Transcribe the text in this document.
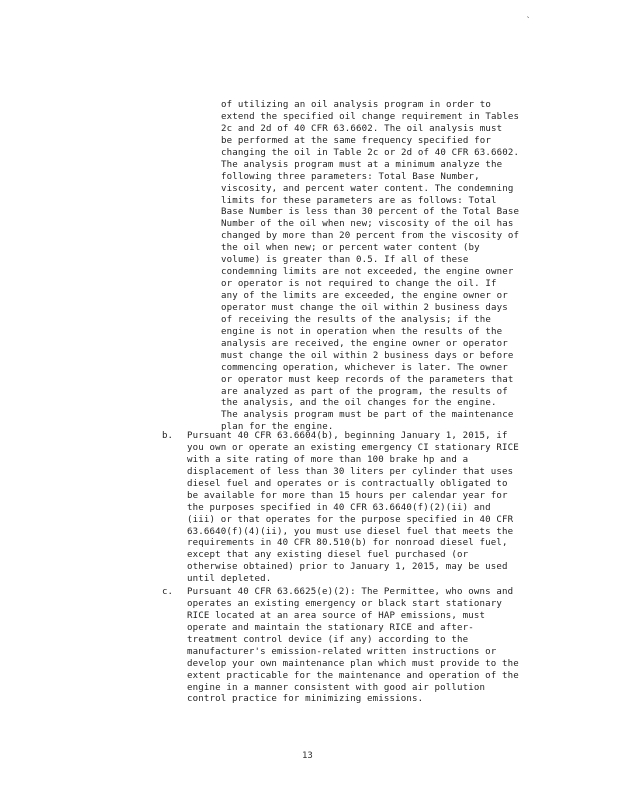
`
of utilizing an oil analysis program in order to
extend the specified oil change requirement in Tables
2c and 2d of 40 CFR 63.6602. The oil analysis must
be performed at the same frequency specified for
changing the oil in Table 2c or 2d of 40 CFR 63.6602.
The analysis program must at a minimum analyze the
following three parameters: Total Base Number,
viscosity, and percent water content. The condemning
limits for these parameters are as follows: Total
Base Number is less than 30 percent of the Total Base
Number of the oil when new; viscosity of the oil has
changed by more than 20 percent from the viscosity of
the oil when new; or percent water content (by
volume) is greater than 0.5. If all of these
condemning limits are not exceeded, the engine owner
or operator is not required to change the oil. If
any of the limits are exceeded, the engine owner or
operator must change the oil within 2 business days
of receiving the results of the analysis; if the
engine is not in operation when the results of the
analysis are received, the engine owner or operator
must change the oil within 2 business days or before
commencing operation, whichever is later. The owner
or operator must keep records of the parameters that
are analyzed as part of the program, the results of
the analysis, and the oil changes for the engine.
The analysis program must be part of the maintenance
plan for the engine.
b. Pursuant 40 CFR 63.6604(b), beginning January 1, 2015, if
you own or operate an existing emergency CI stationary RICE
with a site rating of more than 100 brake hp and a
displacement of less than 30 liters per cylinder that uses
diesel fuel and operates or is contractually obligated to
be available for more than 15 hours per calendar year for
the purposes specified in 40 CFR 63.6640(f)(2)(ii) and
(iii) or that operates for the purpose specified in 40 CFR
63.6640(f)(4)(ii), you must use diesel fuel that meets the
requirements in 40 CFR 80.510(b) for nonroad diesel fuel,
except that any existing diesel fuel purchased (or
otherwise obtained) prior to January 1, 2015, may be used
until depleted.
c. Pursuant 40 CFR 63.6625(e)(2): The Permittee, who owns and
operates an existing emergency or black start stationary
RICE located at an area source of HAP emissions, must
operate and maintain the stationary RICE and after-
treatment control device (if any) according to the
manufacturer's emission-related written instructions or
develop your own maintenance plan which must provide to the
extent practicable for the maintenance and operation of the
engine in a manner consistent with good air pollution
control practice for minimizing emissions.
13
